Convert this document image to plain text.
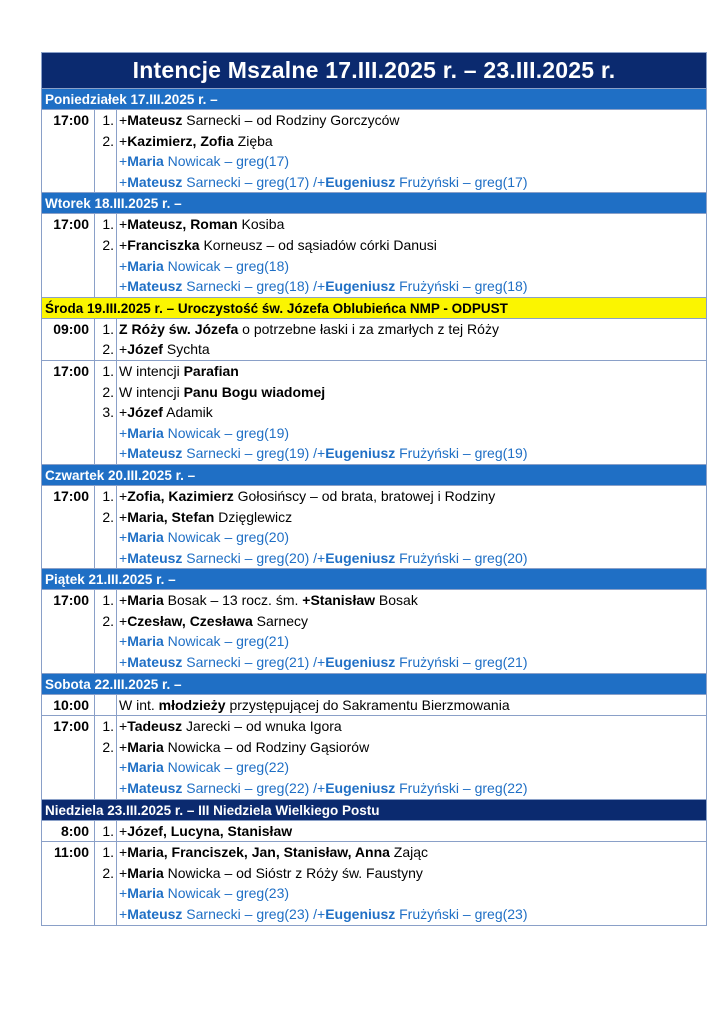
Intencje Mszalne 17.III.2025 r. – 23.III.2025 r.
Poniedziałek 17.III.2025 r. –
17:00 1.
2.
+Mateusz Sarnecki – od Rodziny Gorczyców
+Kazimierz, Zofia Zięba
+Maria Nowicak – greg(17)
+Mateusz Sarnecki – greg(17) /+Eugeniusz Frużyński – greg(17)
Wtorek 18.III.2025 r. –
17:00 1.
2.
+Mateusz, Roman Kosiba
+Franciszka Korneusz – od sąsiadów córki Danusi
+Maria Nowicak – greg(18)
+Mateusz Sarnecki – greg(18) /+Eugeniusz Frużyński – greg(18)
Środa 19.III.2025 r. – Uroczystość św. Józefa Oblubieńca NMP - ODPUST
09:00 1.
2.
Z Róży św. Józefa o potrzebne łaski i za zmarłych z tej Róży
+Józef Sychta
17:00 1.
2.
3.
W intencji Parafian
W intencji Panu Bogu wiadomej
+Józef Adamik
+Maria Nowicak – greg(19)
+Mateusz Sarnecki – greg(19) /+Eugeniusz Frużyński – greg(19)
Czwartek 20.III.2025 r. –
17:00 1.
2.
+Zofia, Kazimierz Gołosińscy – od brata, bratowej i Rodziny
+Maria, Stefan Dzięglewicz
+Maria Nowicak – greg(20)
+Mateusz Sarnecki – greg(20) /+Eugeniusz Frużyński – greg(20)
Piątek 21.III.2025 r. –
17:00 1.
2.
+Maria Bosak – 13 rocz. śm. +Stanisław Bosak
+Czesław, Czesława Sarnecy
+Maria Nowicak – greg(21)
+Mateusz Sarnecki – greg(21) /+Eugeniusz Frużyński – greg(21)
Sobota 22.III.2025 r. –
10:00	W int. młodzieży przystępującej do Sakramentu Bierzmowania
17:00 1.
2.
+Tadeusz Jarecki – od wnuka Igora
+Maria Nowicka – od Rodziny Gąsiorów
+Maria Nowicak – greg(22)
+Mateusz Sarnecki – greg(22) /+Eugeniusz Frużyński – greg(22)
Niedziela 23.III.2025 r. – III Niedziela Wielkiego Postu
8:00 1. +Józef, Lucyna, Stanisław
11:00 1.
2.
+Maria, Franciszek, Jan, Stanisław, Anna Zając
+Maria Nowicka – od Sióstr z Róży św. Faustyny
+Maria Nowicak – greg(23)
+Mateusz Sarnecki – greg(23) /+Eugeniusz Frużyński – greg(23)
